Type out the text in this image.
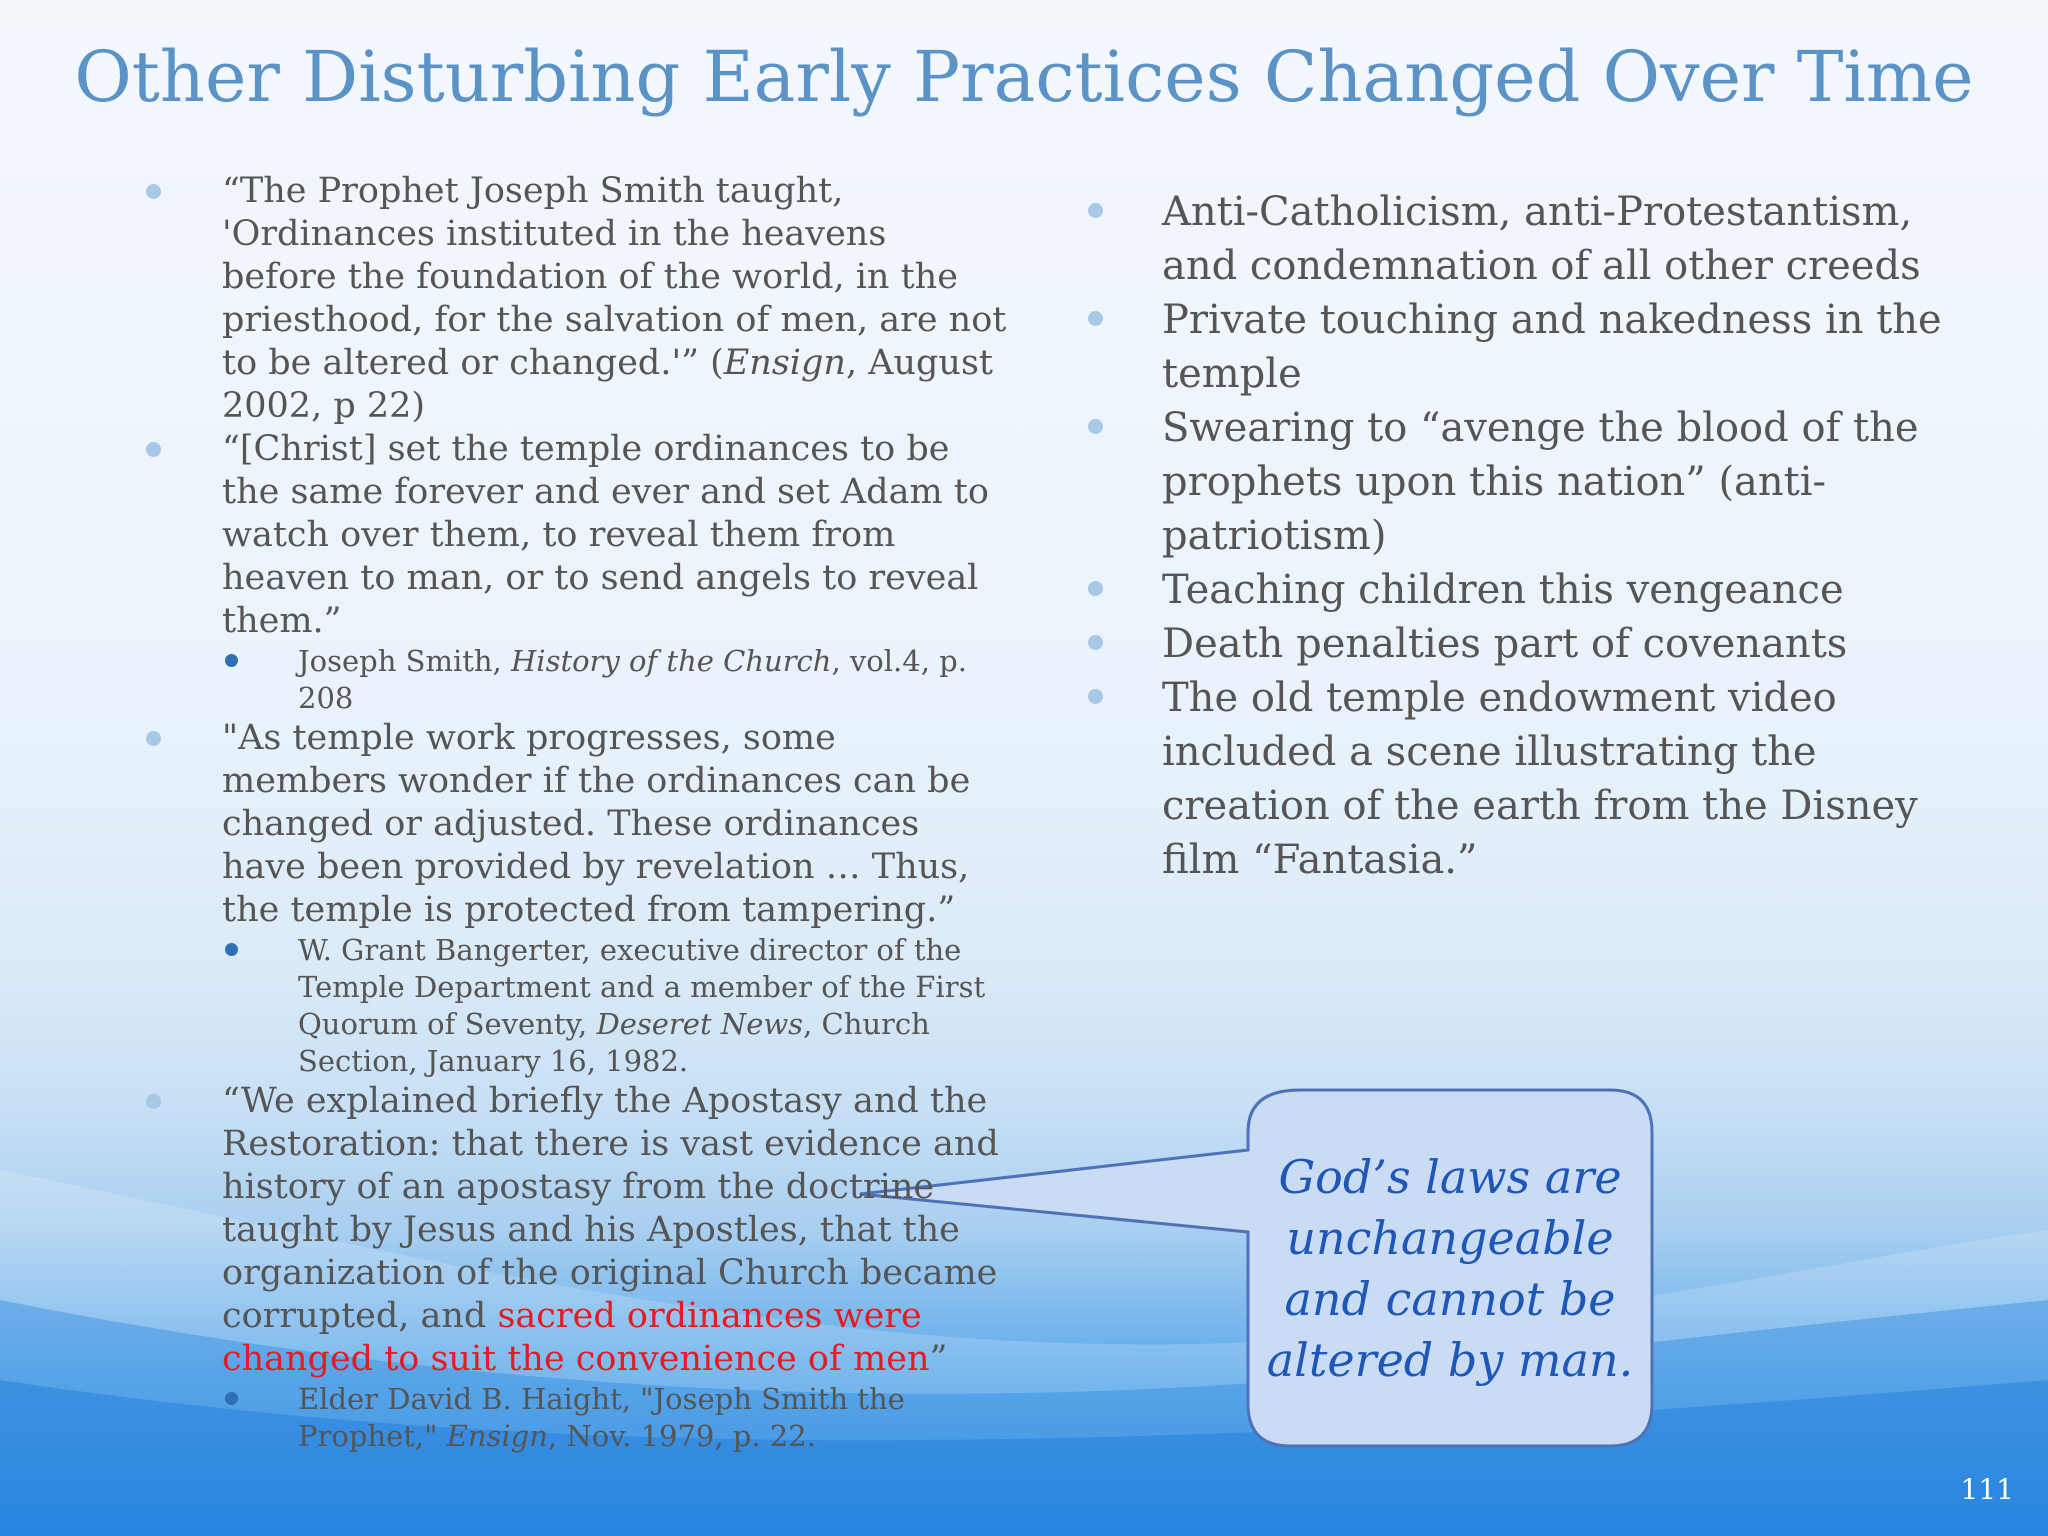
Other Disturbing Early Practices Changed Over Time
“The Prophet Joseph Smith taught, 'Ordinances instituted in the heavens before the foundation of the world, in the priesthood, for the salvation of men, are not to be altered or changed.'” (Ensign, August 2002, p 22)
“[Christ] set the temple ordinances to be the same forever and ever and set Adam to watch over them, to reveal them from heaven to man, or to send angels to reveal them.”
Joseph Smith, History of the Church, vol.4, p. 208
"As temple work progresses, some members wonder if the ordinances can be changed or adjusted. These ordinances have been provided by revelation … Thus, the temple is protected from tampering.”
W. Grant Bangerter, executive director of the Temple Department and a member of the First Quorum of Seventy, Deseret News, Church Section, January 16, 1982.
“We explained briefly the Apostasy and the Restoration: that there is vast evidence and history of an apostasy from the doctrine taught by Jesus and his Apostles, that the organization of the original Church became corrupted, and sacred ordinances were changed to suit the convenience of men”
Elder David B. Haight, "Joseph Smith the Prophet," Ensign, Nov. 1979, p. 22.
Anti-Catholicism, anti-Protestantism, and condemnation of all other creeds
Private touching and nakedness in the temple
Swearing to “avenge the blood of the prophets upon this nation” (anti-patriotism)
Teaching children this vengeance
Death penalties part of covenants
The old temple endowment video included a scene illustrating the creation of the earth from the Disney film “Fantasia.”
God’s laws are
unchangeable
and cannot be
altered by man.
111
